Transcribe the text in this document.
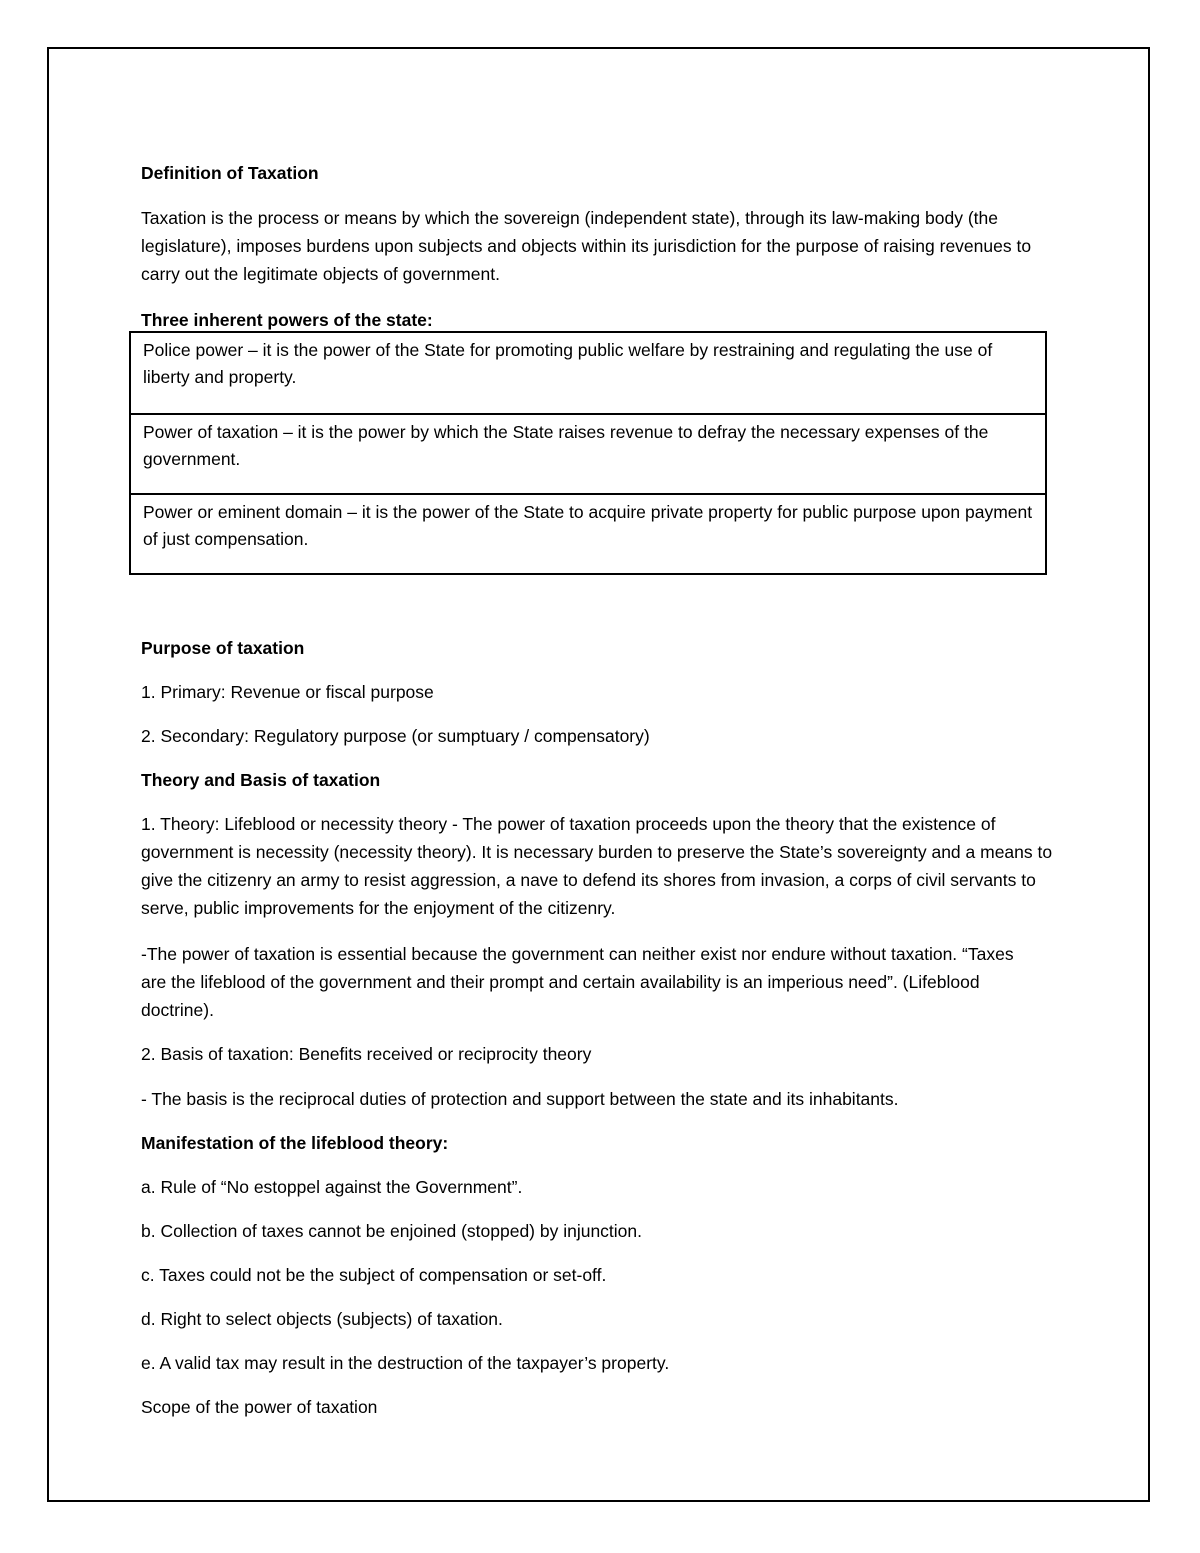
Definition of Taxation

Taxation is the process or means by which the sovereign (independent state), through its law-making body (the legislature), imposes burdens upon subjects and objects within its jurisdiction for the purpose of raising revenues to carry out the legitimate objects of government.

Three inherent powers of the state:

Police power – it is the power of the State for promoting public welfare by restraining and regulating the use of liberty and property.
Power of taxation – it is the power by which the State raises revenue to defray the necessary expenses of the government.
Power or eminent domain – it is the power of the State to acquire private property for public purpose upon payment of just compensation.

Purpose of taxation

1. Primary: Revenue or fiscal purpose

2. Secondary: Regulatory purpose (or sumptuary / compensatory)

Theory and Basis of taxation

1. Theory: Lifeblood or necessity theory - The power of taxation proceeds upon the theory that the existence of government is necessity (necessity theory). It is necessary burden to preserve the State’s sovereignty and a means to give the citizenry an army to resist aggression, a nave to defend its shores from invasion, a corps of civil servants to serve, public improvements for the enjoyment of the citizenry.

-The power of taxation is essential because the government can neither exist nor endure without taxation. “Taxes are the lifeblood of the government and their prompt and certain availability is an imperious need”. (Lifeblood doctrine).

2. Basis of taxation: Benefits received or reciprocity theory

- The basis is the reciprocal duties of protection and support between the state and its inhabitants.

Manifestation of the lifeblood theory:

a. Rule of “No estoppel against the Government”.

b. Collection of taxes cannot be enjoined (stopped) by injunction.

c. Taxes could not be the subject of compensation or set-off.

d. Right to select objects (subjects) of taxation.

e. A valid tax may result in the destruction of the taxpayer’s property.

Scope of the power of taxation
